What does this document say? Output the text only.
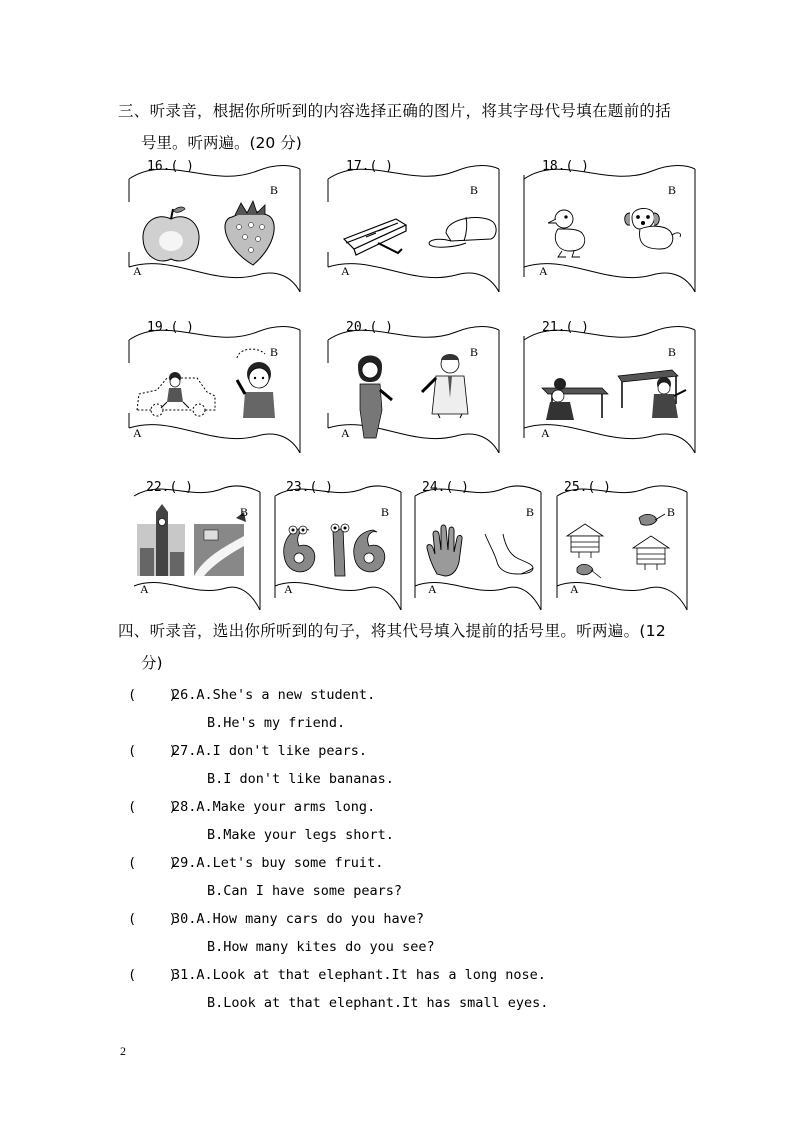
三、听录音，根据你所听到的内容选择正确的图片，将其字母代号填在题前的括
号里。听两遍。(20 分)
16.( )
B
A
17.( )
B
A
18.( )
B
A
19.( )
B
A
20.( )
B
A
21.( )
B
A
22.( )
B
A
23.( )
B
A
24.( )
B
A
25.( )
B
A
四、听录音，选出你所听到的句子，将其代号填入提前的括号里。听两遍。(12
分)
(    )26.A.She's a new student.
B.He's my friend.
(    )27.A.I don't like pears.
B.I don't like bananas.
(    )28.A.Make your arms long.
B.Make your legs short.
(    )29.A.Let's buy some fruit.
B.Can I have some pears?
(    )30.A.How many cars do you have?
B.How many kites do you see?
(    )31.A.Look at that elephant.It has a long nose.
B.Look at that elephant.It has small eyes.
2
